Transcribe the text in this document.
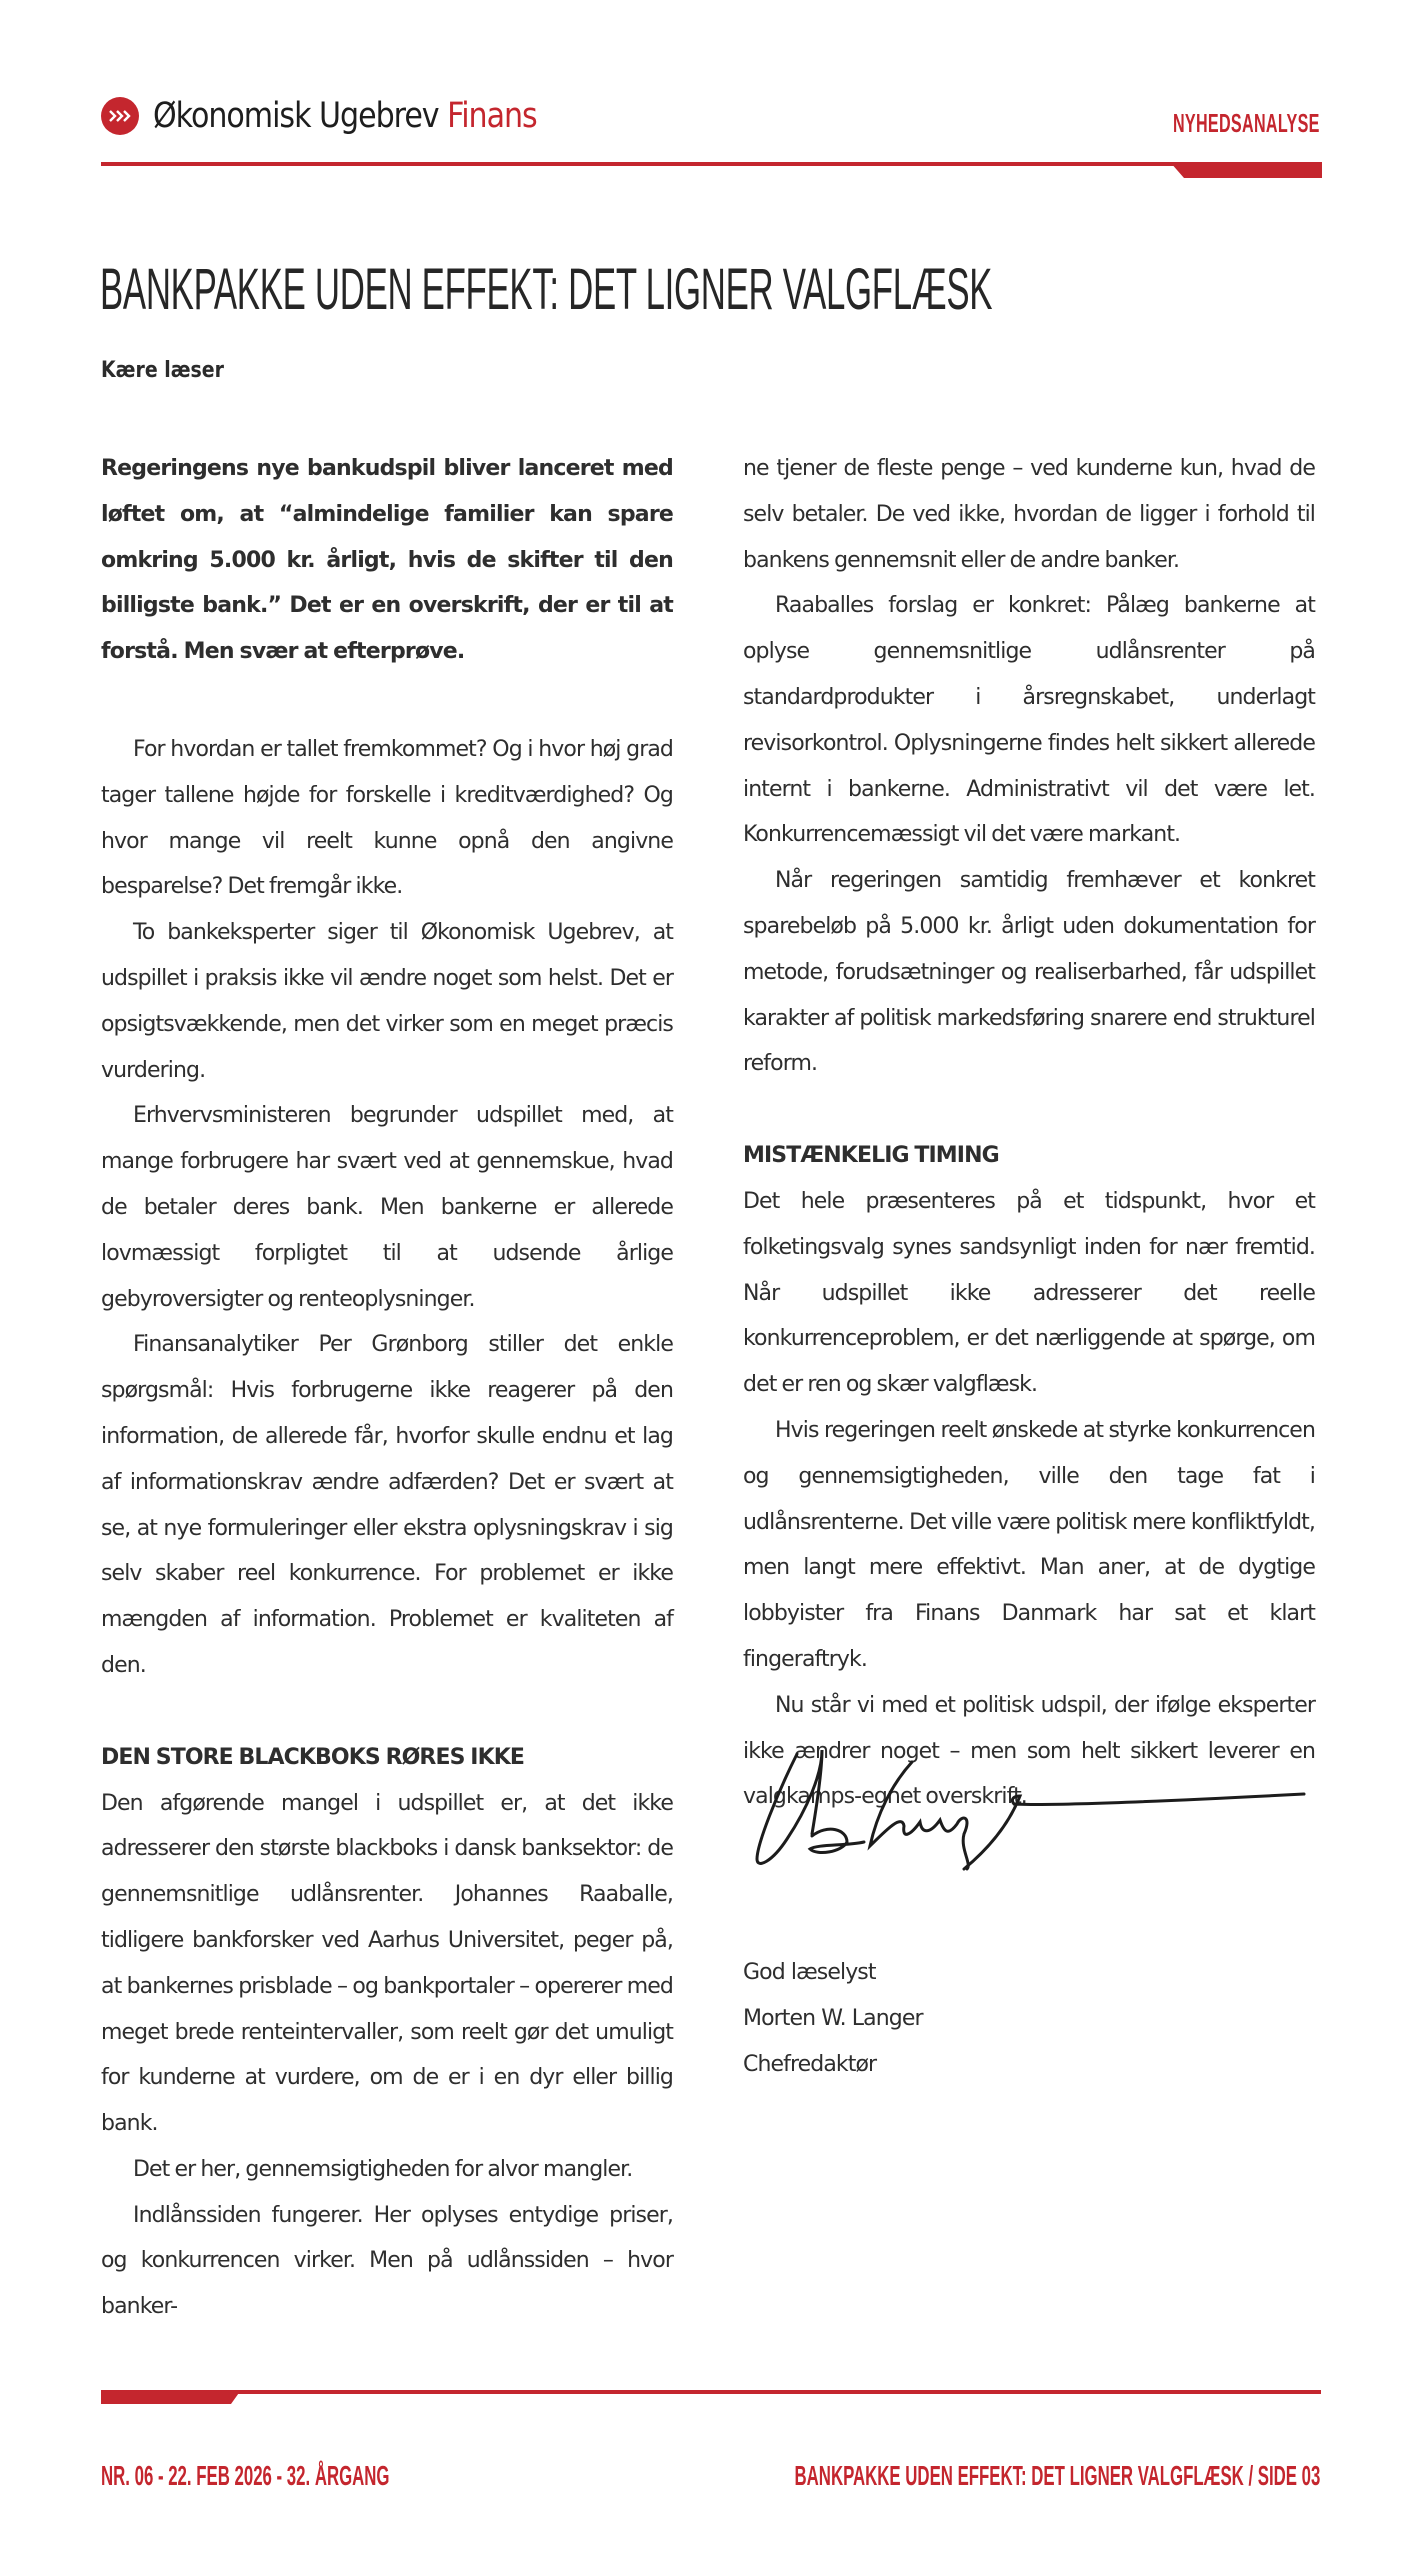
Økonomisk Ugebrev Finans	NYHEDSANALYSE
BANKPAKKE UDEN EFFEKT: DET LIGNER VALGFLÆSK
Kære læser

Regeringens nye bankudspil bliver lanceret med løftet om, at “almindelige familier kan spare omkring 5.000 kr. årligt, hvis de skifter til den billigste bank.” Det er en overskrift, der er til at forstå. Men svær at efterprøve.

For hvordan er tallet fremkommet? Og i hvor høj grad tager tallene højde for forskelle i kreditværdighed? Og hvor mange vil reelt kunne opnå den angivne besparelse? Det fremgår ikke.

To bankeksperter siger til Økonomisk Ugebrev, at udspillet i praksis ikke vil ændre noget som helst. Det er opsigtsvækkende, men det virker som en meget præcis vurdering.

Erhvervsministeren begrunder udspillet med, at mange forbrugere har svært ved at gennemskue, hvad de betaler deres bank. Men bankerne er allerede lovmæssigt forpligtet til at udsende årlige gebyroversigter og renteoplysninger.

Finansanalytiker Per Grønborg stiller det enkle spørgsmål: Hvis forbrugerne ikke reagerer på den information, de allerede får, hvorfor skulle endnu et lag af informationskrav ændre adfærden? Det er svært at se, at nye formuleringer eller ekstra oplysningskrav i sig selv skaber reel konkurrence. For problemet er ikke mængden af information. Problemet er kvaliteten af den.

DEN STORE BLACKBOKS RØRES IKKE

Den afgørende mangel i udspillet er, at det ikke adresserer den største blackboks i dansk banksektor: de gennemsnitlige udlånsrenter. Johannes Raaballe, tidligere bankforsker ved Aarhus Universitet, peger på, at bankernes prisblade – og bankportaler – opererer med meget brede renteintervaller, som reelt gør det umuligt for kunderne at vurdere, om de er i en dyr eller billig bank.

Det er her, gennemsigtigheden for alvor mangler.

Indlånssiden fungerer. Her oplyses entydige priser, og konkurrencen virker. Men på udlånssiden – hvor banker-

ne tjener de fleste penge – ved kunderne kun, hvad de selv betaler. De ved ikke, hvordan de ligger i forhold til bankens gennemsnit eller de andre banker.

Raaballes forslag er konkret: Pålæg bankerne at oplyse gennemsnitlige udlånsrenter på standardprodukter i årsregnskabet, underlagt revisorkontrol. Oplysningerne findes helt sikkert allerede internt i bankerne. Administrativt vil det være let. Konkurrencemæssigt vil det være markant.

Når regeringen samtidig fremhæver et konkret sparebeløb på 5.000 kr. årligt uden dokumentation for metode, forudsætninger og realiserbarhed, får udspillet karakter af politisk markedsføring snarere end strukturel reform.

MISTÆNKELIG TIMING

Det hele præsenteres på et tidspunkt, hvor et folketingsvalg synes sandsynligt inden for nær fremtid. Når udspillet ikke adresserer det reelle konkurrenceproblem, er det nærliggende at spørge, om det er ren og skær valgflæsk.

Hvis regeringen reelt ønskede at styrke konkurrencen og gennemsigtigheden, ville den tage fat i udlånsrenterne. Det ville være politisk mere konfliktfyldt, men langt mere effektivt. Man aner, at de dygtige lobbyister fra Finans Danmark har sat et klart fingeraftryk.

Nu står vi med et politisk udspil, der ifølge eksperter ikke ændrer noget – men som helt sikkert leverer en valgkamps-egnet overskrift.

God læselyst
Morten W. Langer
Chefredaktør
NR. 06 - 22. FEB 2026 - 32. ÅRGANG	BANKPAKKE UDEN EFFEKT: DET LIGNER VALGFLÆSK / SIDE 03
